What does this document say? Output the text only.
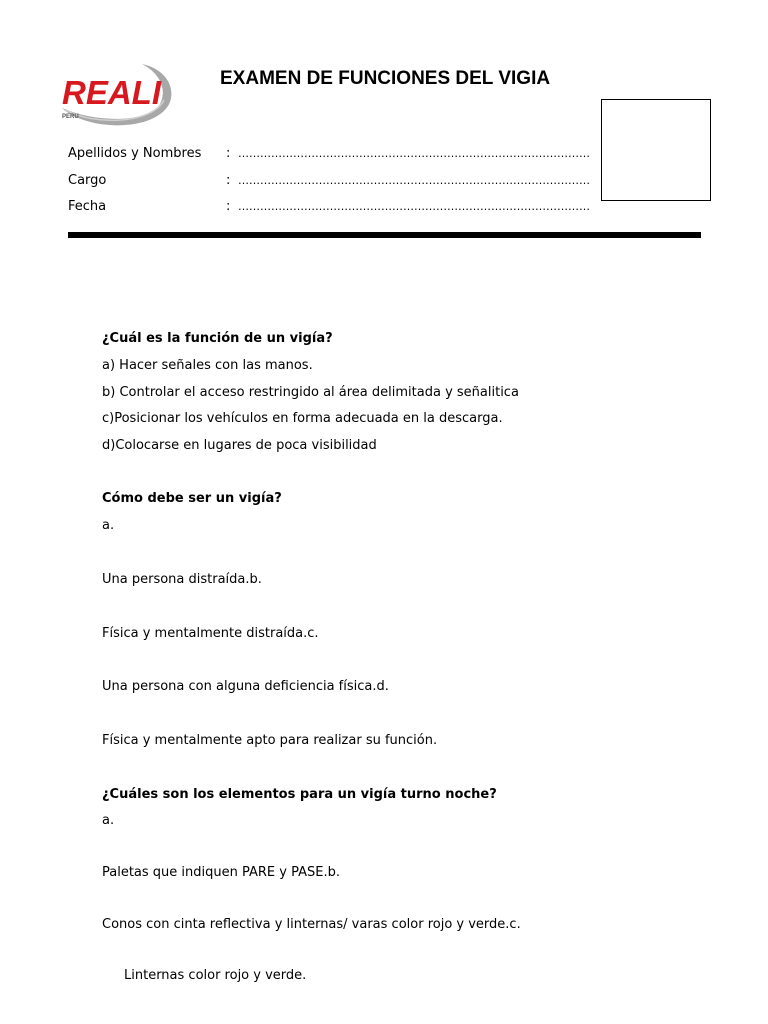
REALI
PERU
EXAMEN DE FUNCIONES DEL VIGIA
Apellidos y Nombres : ……………………………………………………………………………………
Cargo	: ……………………………………………………………………………………
Fecha	: ……………………………………………………………………………………
¿Cuál es la función de un vigía?
a) Hacer señales con las manos.
b) Controlar el acceso restringido al área delimitada y señalitica
c)Posicionar los vehículos en forma adecuada en la descarga.
d)Colocarse en lugares de poca visibilidad
Cómo debe ser un vigía?
a.
Una persona distraída.b.
Física y mentalmente distraída.c.
Una persona con alguna deficiencia física.d.
Física y mentalmente apto para realizar su función.
¿Cuáles son los elementos para un vigía turno noche?
a.
Paletas que indiquen PARE y PASE.b.
Conos con cinta reflectiva y linternas/ varas color rojo y verde.c.
Linternas color rojo y verde.
